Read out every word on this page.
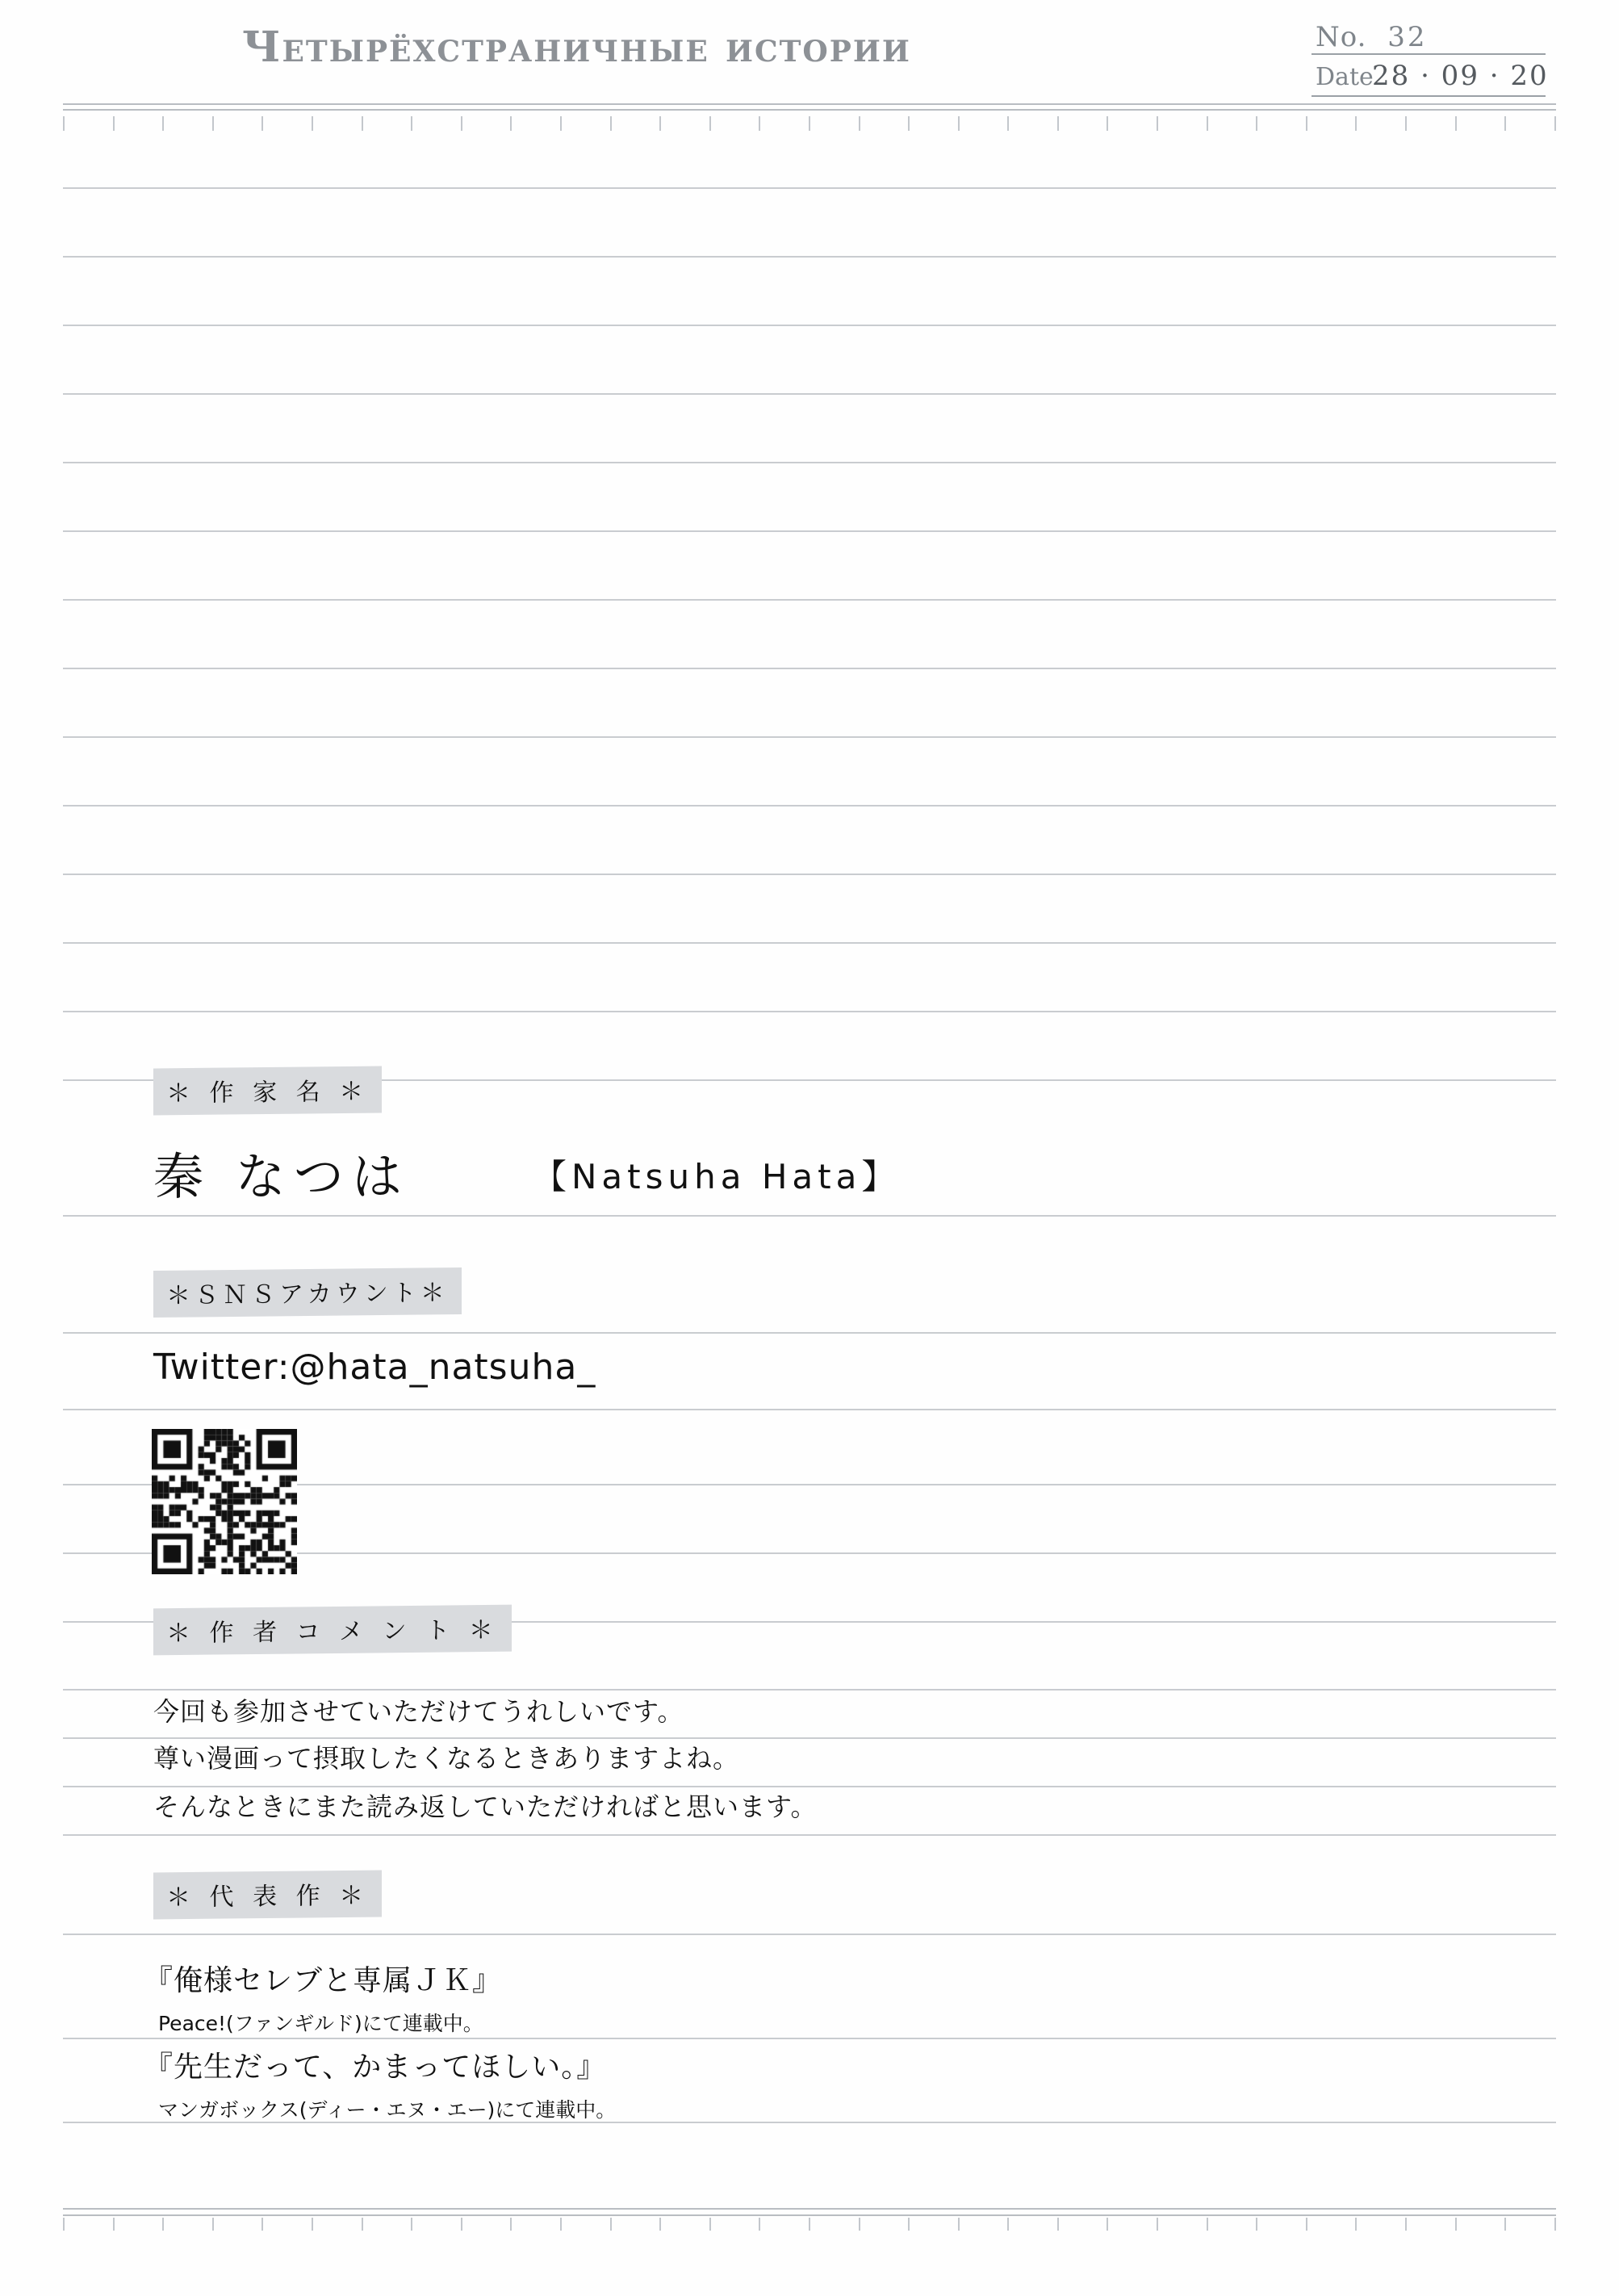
Четырёхстраничные истории	No. 32
Date
28 · 09 · 20
＊ 作 家 名 ＊
秦 なつは	【Natsuha Hata】
＊ＳＮＳアカウント＊
Twitter:@hata_natsuha_
＊ 作 者 コ メ ン ト ＊
今回も参加させていただけてうれしいです。
尊い漫画って摂取したくなるときありますよね。
そんなときにまた読み返していただければと思います。
＊ 代 表 作 ＊
『俺様セレブと専属ＪＫ』
Peace!(ファンギルド)にて連載中。
『先生だって、かまってほしい。』
マンガボックス(ディー・エヌ・エー)にて連載中。
